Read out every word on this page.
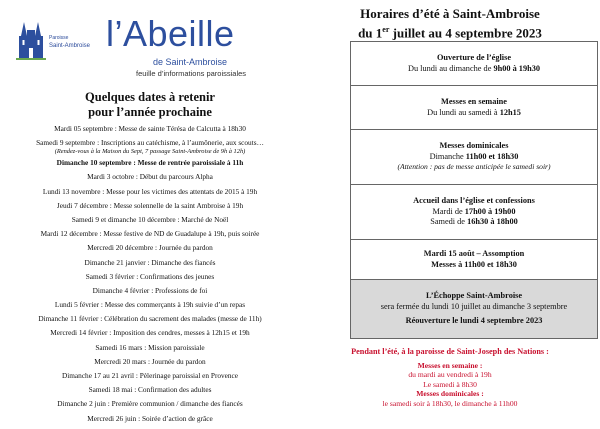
Paroisse
Saint-Ambroise l’Abeille
de Saint-Ambroise
feuille d’informations paroissiales
Quelques dates à retenir
pour l’année prochaine
Mardi 05 septembre : Messe de sainte Térésa de Calcutta à 18h30
Samedi 9 septembre : Inscriptions au catéchisme, à l’aumônerie, aux scouts…
(Rendez-vous à la Maison du Sept, 7 passage Saint-Ambroise de 9h à 12h)
Dimanche 10 septembre : Messe de rentrée paroissiale à 11h
Mardi 3 octobre : Début du parcours Alpha
Lundi 13 novembre : Messe pour les victimes des attentats de 2015 à 19h
Jeudi 7 décembre : Messe solennelle de la saint Ambroise à 19h
Samedi 9 et dimanche 10 décembre : Marché de Noël
Mardi 12 décembre : Messe festive de ND de Guadalupe à 19h, puis soirée
Mercredi 20 décembre : Journée du pardon
Dimanche 21 janvier : Dimanche des fiancés
Samedi 3 février : Confirmations des jeunes
Dimanche 4 février : Professions de foi
Lundi 5 février : Messe des commerçants à 19h suivie d’un repas
Dimanche 11 février : Célébration du sacrement des malades (messe de 11h)
Mercredi 14 février : Imposition des cendres, messes à 12h15 et 19h
Samedi 16 mars : Mission paroissiale
Mercredi 20 mars : Journée du pardon
Dimanche 17 au 21 avril : Pèlerinage paroissial en Provence
Samedi 18 mai : Confirmation des adultes
Dimanche 2 juin : Première communion / dimanche des fiancés
Mercredi 26 juin : Soirée d’action de grâce
Horaires d’été à Saint-Ambroise
du 1er juillet au 4 septembre 2023
Ouverture de l’église
Du lundi au dimanche de 9h00 à 19h30
Messes en semaine
Du lundi au samedi à 12h15
Messes dominicales
Dimanche 11h00 et 18h30
(Attention : pas de messe anticipée le samedi soir)
Accueil dans l’église et confessions
Mardi de 17h00 à 19h00
Samedi de 16h30 à 18h00
Mardi 15 août – Assomption
Messes à 11h00 et 18h30
L’Échoppe Saint-Ambroise
sera fermée du lundi 10 juillet au dimanche 3 septembre
Réouverture le lundi 4 septembre 2023
Pendant l’été, à la paroisse de Saint-Joseph des Nations :
Messes en semaine :
du mardi au vendredi à 19h
Le samedi à 8h30
Messes dominicales :
le samedi soir à 18h30, le dimanche à 11h00
